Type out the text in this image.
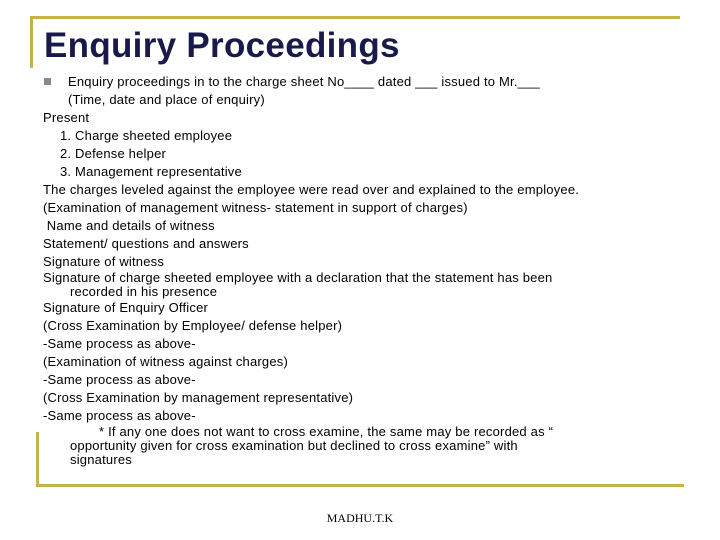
Enquiry Proceedings
Enquiry proceedings in to the charge sheet No____ dated ___ issued to Mr.___
(Time, date and place of enquiry)
Present
1. Charge sheeted employee
2. Defense helper
3. Management representative
The charges leveled against the employee were read over and explained to the employee.
(Examination of management witness- statement in support of charges)
Name and details of witness
Statement/ questions and answers
Signature of witness
Signature of charge sheeted employee with a declaration that the statement has been
recorded in his presence
Signature of Enquiry Officer
(Cross Examination by Employee/ defense helper)
-Same process as above-
(Examination of witness against charges)
-Same process as above-
(Cross Examination by management representative)
-Same process as above-
* If any one does not want to cross examine, the same may be recorded as “
opportunity given for cross examination but declined to cross examine” with
signatures
MADHU.T.K
